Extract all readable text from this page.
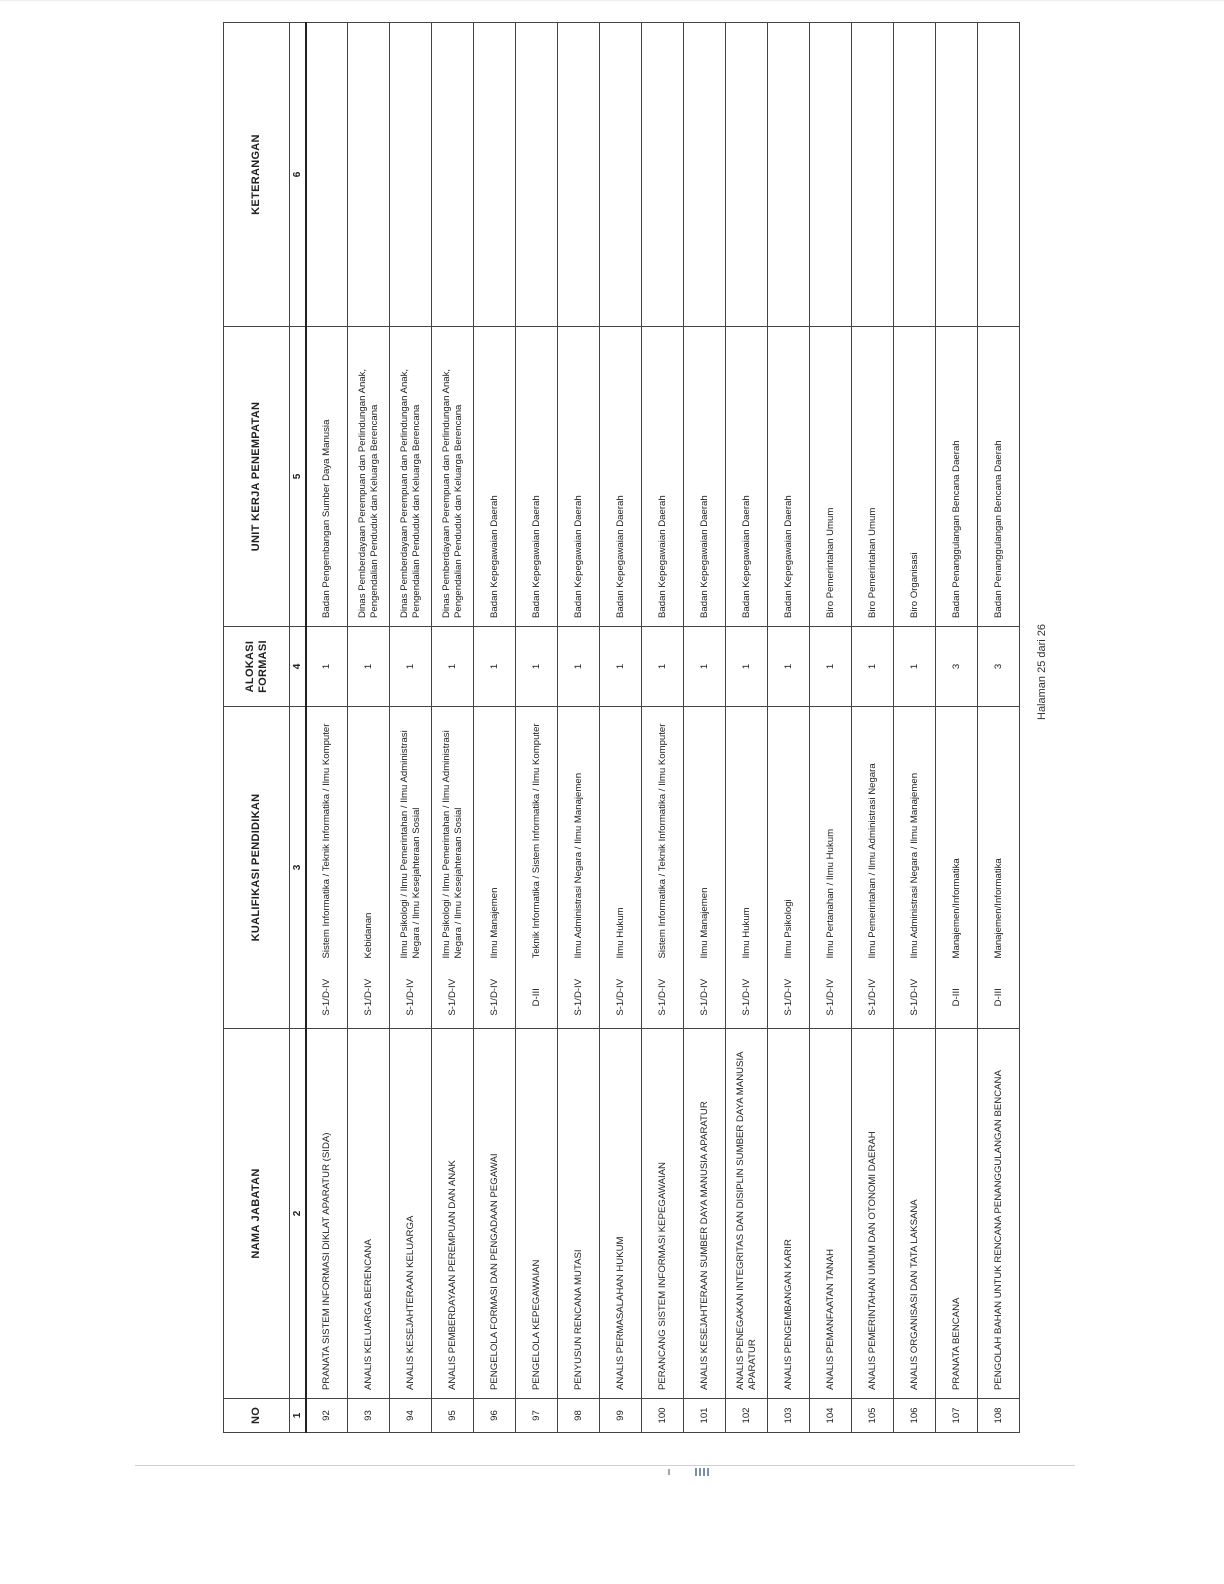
NO	NAMA JABATAN	KUALIFIKASI PENDIDIKAN		ALOKASI FORMASI	UNIT KERJA PENEMPATAN	KETERANGAN
1	2	3		4	5	6
92	PRANATA SISTEM INFORMASI DIKLAT APARATUR (SIDA)	S-1/D-IV	Sistem Informatika / Teknik Informatika / Ilmu Komputer	1	Badan Pengembangan Sumber Daya Manusia	
93	ANALIS KELUARGA BERENCANA	S-1/D-IV	Kebidanan	1	Dinas Pemberdayaan Perempuan dan Perlindungan Anak, Pengendalian Penduduk dan Keluarga Berencana	
94	ANALIS KESEJAHTERAAN KELUARGA	S-1/D-IV	Ilmu Psikologi / Ilmu Pemerintahan / Ilmu Administrasi Negara / Ilmu Kesejahteraan Sosial	1	Dinas Pemberdayaan Perempuan dan Perlindungan Anak, Pengendalian Penduduk dan Keluarga Berencana	
95	ANALIS PEMBERDAYAAN PEREMPUAN DAN ANAK	S-1/D-IV	Ilmu Psikologi / Ilmu Pemerintahan / Ilmu Administrasi Negara / Ilmu Kesejahteraan Sosial	1	Dinas Pemberdayaan Perempuan dan Perlindungan Anak, Pengendalian Penduduk dan Keluarga Berencana	
96	PENGELOLA FORMASI DAN PENGADAAN PEGAWAI	S-1/D-IV	Ilmu Manajemen	1	Badan Kepegawaian Daerah	
97	PENGELOLA KEPEGAWAIAN	D-III	Teknik Informatika / Sistem Informatika / Ilmu Komputer	1	Badan Kepegawaian Daerah	
98	PENYUSUN RENCANA MUTASI	S-1/D-IV	Ilmu Administrasi Negara / Ilmu Manajemen	1	Badan Kepegawaian Daerah	
99	ANALIS PERMASALAHAN HUKUM	S-1/D-IV	Ilmu Hukum	1	Badan Kepegawaian Daerah	
100	PERANCANG SISTEM INFORMASI KEPEGAWAIAN	S-1/D-IV	Sistem Informatika / Teknik Informatika / Ilmu Komputer	1	Badan Kepegawaian Daerah	
101	ANALIS KESEJAHTERAAN SUMBER DAYA MANUSIA APARATUR	S-1/D-IV	Ilmu Manajemen	1	Badan Kepegawaian Daerah	
102	ANALIS PENEGAKAN INTEGRITAS DAN DISIPLIN SUMBER DAYA MANUSIA APARATUR	S-1/D-IV	Ilmu Hukum	1	Badan Kepegawaian Daerah	
103	ANALIS PENGEMBANGAN KARIR	S-1/D-IV	Ilmu Psikologi	1	Badan Kepegawaian Daerah	
104	ANALIS PEMANFAATAN TANAH	S-1/D-IV	Ilmu Pertanahan / Ilmu Hukum	1	Biro Pemerintahan Umum	
105	ANALIS PEMERINTAHAN UMUM DAN OTONOMI DAERAH	S-1/D-IV	Ilmu Pemerintahan / Ilmu Administrasi Negara	1	Biro Pemerintahan Umum	
106	ANALIS ORGANISASI DAN TATA LAKSANA	S-1/D-IV	Ilmu Administrasi Negara / Ilmu Manajemen	1	Biro Organisasi	
107	PRANATA BENCANA	D-III	Manajemen/Informatika	3	Badan Penanggulangan Bencana Daerah	
108	PENGOLAH BAHAN UNTUK RENCANA PENANGGULANGAN BENCANA	D-III	Manajemen/Informatika	3	Badan Penanggulangan Bencana Daerah	
Halaman 25 dari 26
